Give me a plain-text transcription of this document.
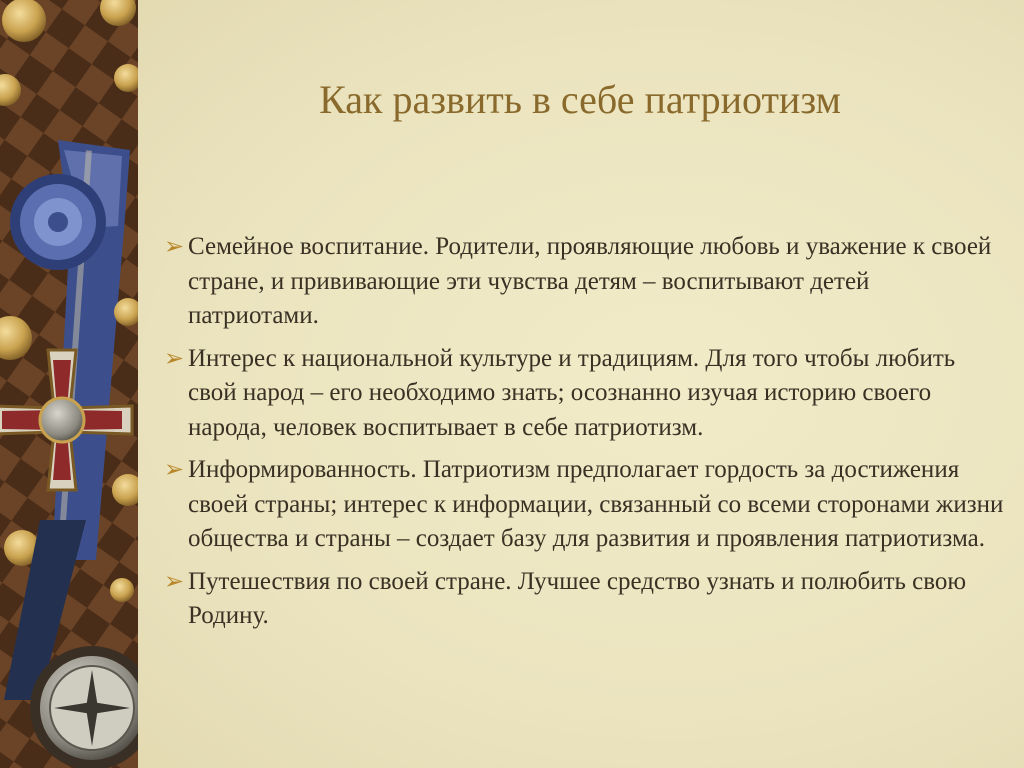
Как развить в себе патриотизм
➢ Семейное воспитание. Родители, проявляющие любовь и уважение к своей стране, и прививающие эти чувства детям – воспитывают детей патриотами.
➢ Интерес к национальной культуре и традициям. Для того чтобы любить свой народ – его необходимо знать; осознанно изучая историю своего народа, человек воспитывает в себе патриотизм.
➢ Информированность. Патриотизм предполагает гордость за достижения своей страны; интерес к информации, связанный со всеми сторонами жизни общества и страны – создает базу для развития и проявления патриотизма.
➢ Путешествия по своей стране. Лучшее средство узнать и полюбить свою Родину.
